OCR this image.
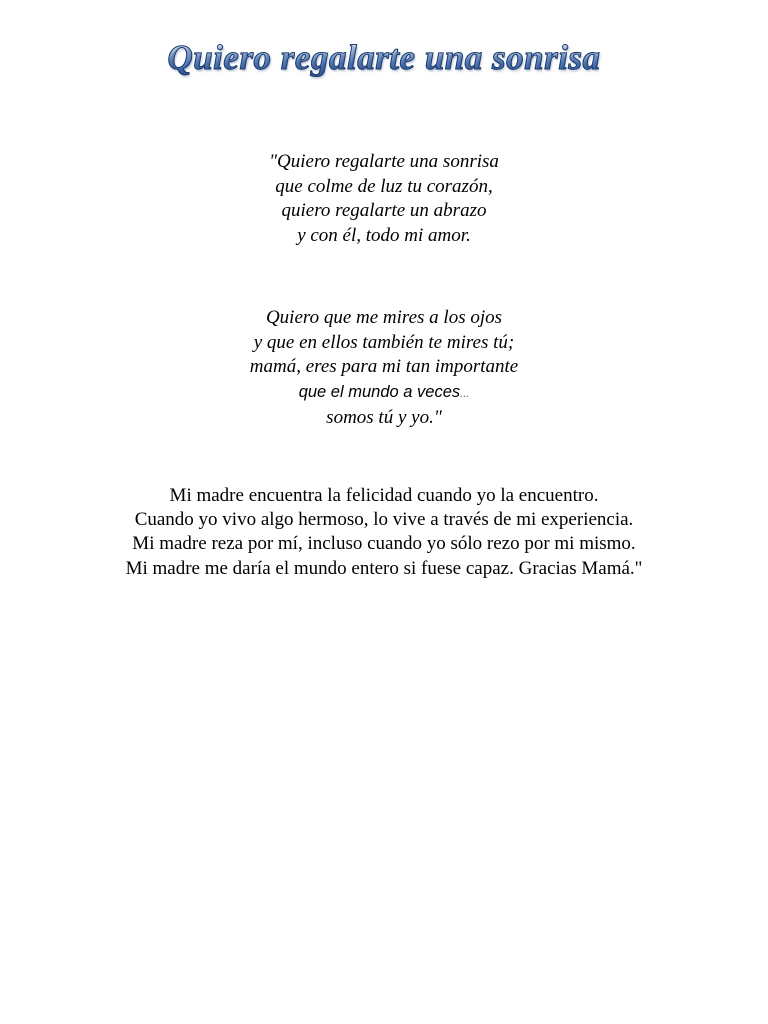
Quiero regalarte una sonrisa
"Quiero regalarte una sonrisa
que colme de luz tu corazón,
quiero regalarte un abrazo
y con él, todo mi amor.
Quiero que me mires a los ojos
y que en ellos también te mires tú;
mamá, eres para mi tan importante
que el mundo a veces...
somos tú y yo."
Mi madre encuentra la felicidad cuando yo la encuentro.
Cuando yo vivo algo hermoso, lo vive a través de mi experiencia.
Mi madre reza por mí, incluso cuando yo sólo rezo por mi mismo.
Mi madre me daría el mundo entero si fuese capaz. Gracias Mamá."
